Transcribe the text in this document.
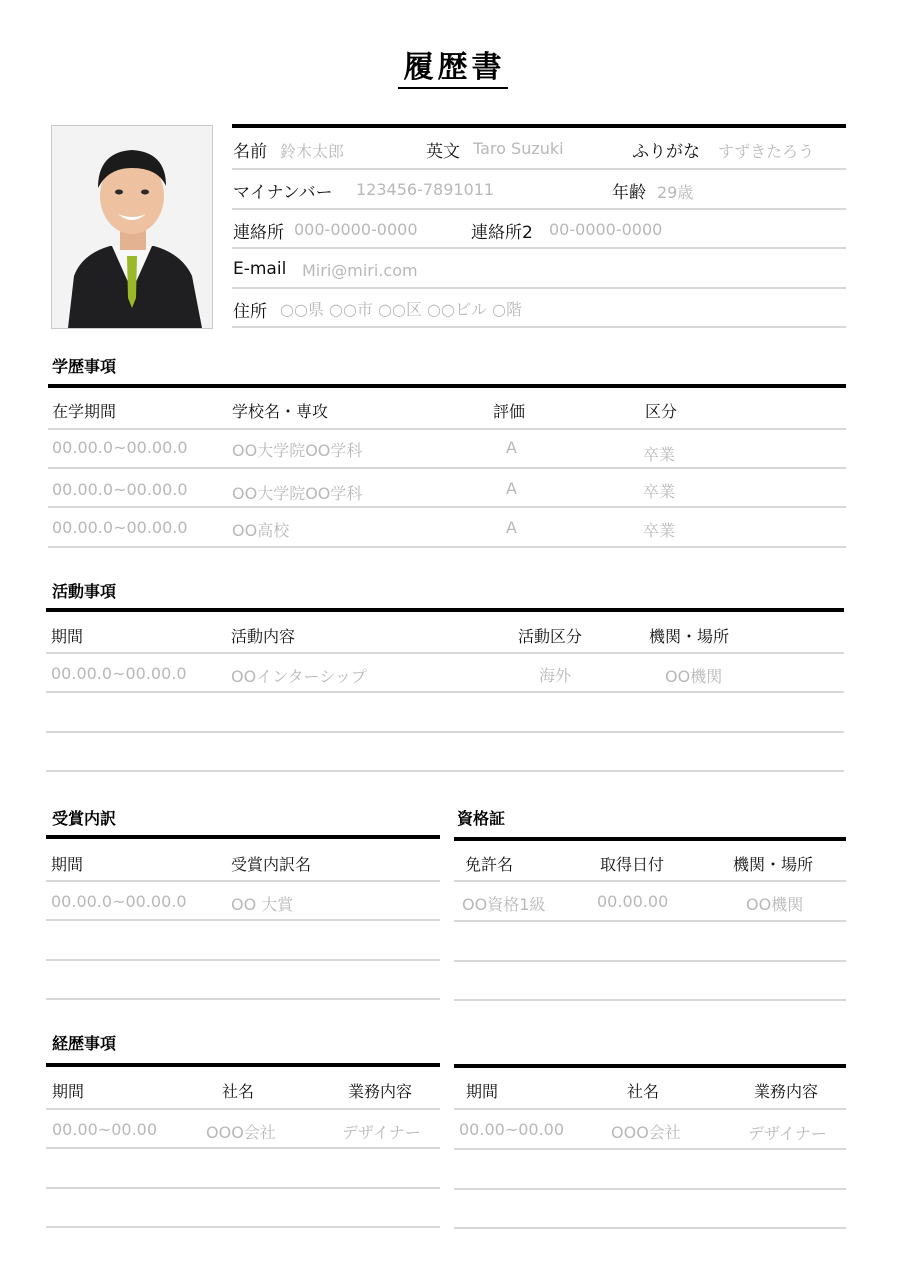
履歴書
名前 鈴木太郎	英文 Taro Suzuki	ふりがな すずきたろう
マイナンバー 123456-7891011	年齢 29歳
連絡所 000-0000-0000	連絡所2 00-0000-0000
E-mail Miri@miri.com
住所 ○○県 ○○市 ○○区 ○○ビル ○階
学歴事項
在学期間	学校名・専攻	評価	区分
00.00.0~00.00.0	OO大学院OO学科	A	卒業
00.00.0~00.00.0	OO大学院OO学科	A	卒業
00.00.0~00.00.0	OO高校	A	卒業
活動事項
期間	活動内容	活動区分	機関・場所
00.00.0~00.00.0	OOインターシップ	海外	OO機関
受賞内訳
期間	受賞内訳名
00.00.0~00.00.0	OO 大賞
資格証
免許名	取得日付	機関・場所
OO資格1級	00.00.00	OO機関
経歴事項
期間	社名	業務内容
00.00~00.00	OOO会社	デザイナー
期間	社名	業務内容
00.00~00.00	OOO会社	デザイナー
